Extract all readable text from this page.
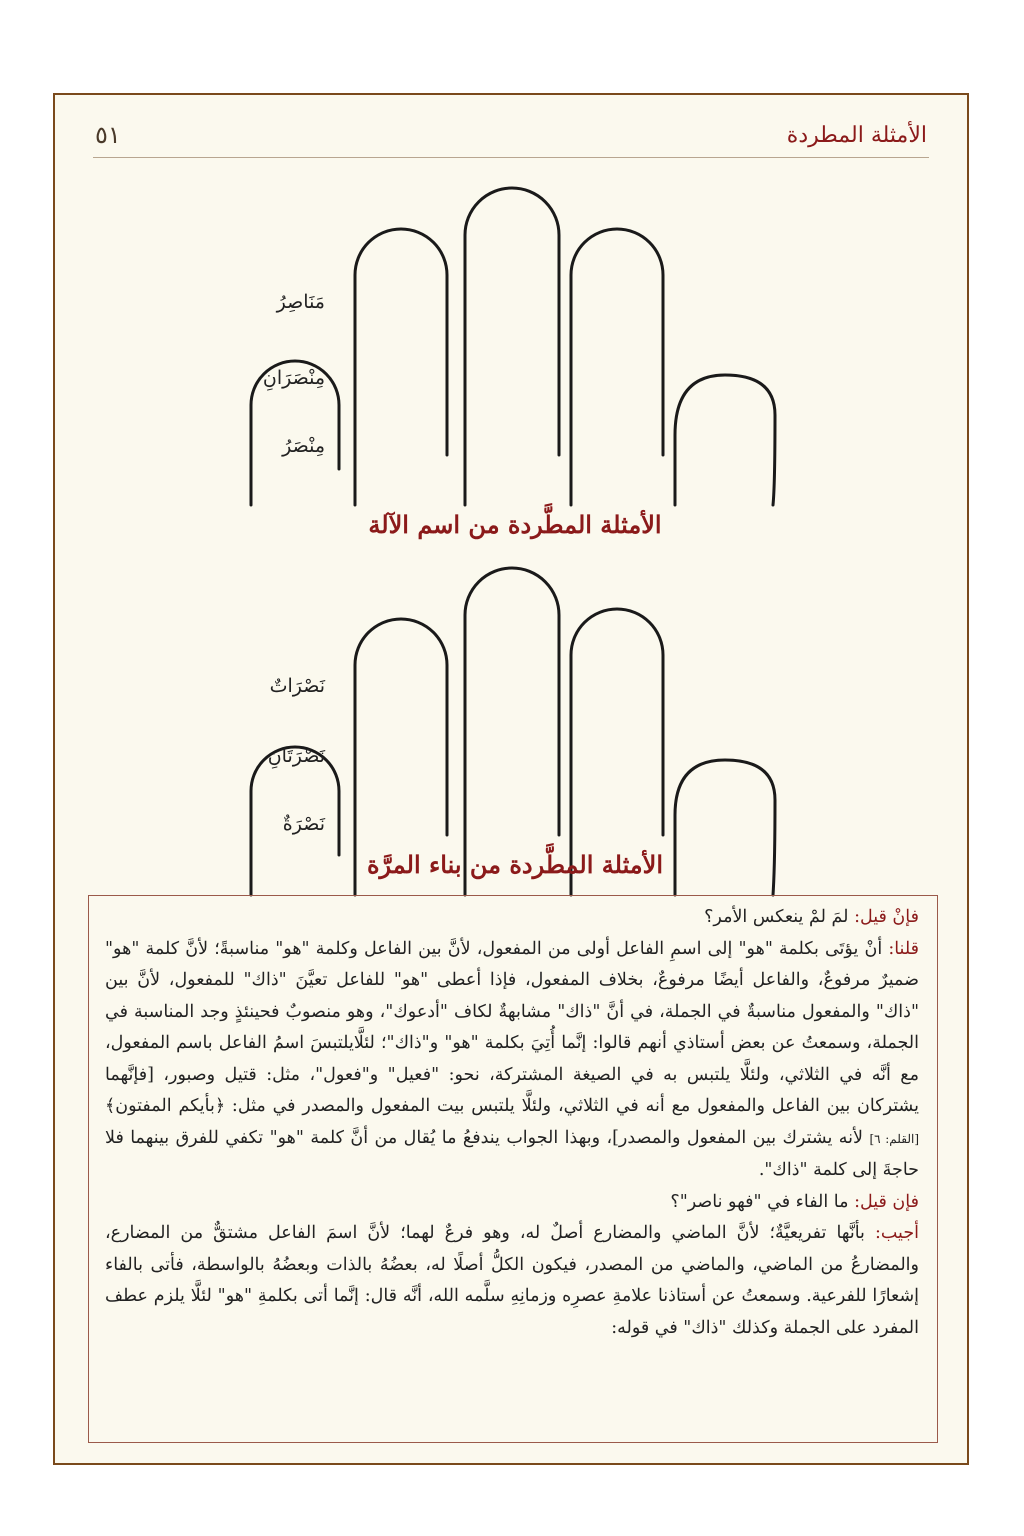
الأمثلة المطردة
٥١
مَنَاصِرُ
مِنْصَرَانِ
مِنْصَرُ
الأمثلة المطَّردة من اسم الآلة
نَصْرَاتٌ
نَصْرَتَانِ
نَصْرَةٌ
الأمثلة المطَّردة من بناء المرَّة

فإنْ قيل: لمَ لمْ ينعكس الأمر؟

قلنا: أنْ يؤتَى بكلمة "هو" إلى اسمِ الفاعل أولى من المفعول، لأنَّ بين الفاعل وكلمة "هو" مناسبةً؛ لأنَّ كلمة "هو" ضميرٌ مرفوعٌ، والفاعل أيضًا مرفوعٌ، بخلاف المفعول، فإذا أعطى "هو" للفاعل تعيَّنَ "ذاك" للمفعول، لأنَّ بين "ذاك" والمفعول مناسبةٌ في الجملة، في أنَّ "ذاك" مشابهةٌ لكاف "أدعوك"، وهو منصوبٌ فحينئذٍ وجد المناسبة في الجملة، وسمعتُ عن بعض أستاذي أنهم قالوا: إنَّما أُتِيَ بكلمة "هو" و"ذاك"؛ لئلَّايلتبسَ اسمُ الفاعل باسم المفعول، مع أنَّه في الثلاثي، ولئلَّا يلتبس به في الصيغة المشتركة، نحو: "فعيل" و"فعول"، مثل: قتيل وصبور، [فإنَّهما يشتركان بين الفاعل والمفعول مع أنه في الثلاثي، ولئلَّا يلتبس بيت المفعول والمصدر في مثل: ﴿بأيكم المفتون﴾ [القلم: ٦] لأنه يشترك بين المفعول والمصدر]، وبهذا الجواب يندفعُ ما يُقال من أنَّ كلمة "هو" تكفي للفرق بينهما فلا حاجةَ إلى كلمة "ذاك".

فإن قيل: ما الفاء في "فهو ناصر"؟

أجيب: بأنَّها تفريعيَّةٌ؛ لأنَّ الماضي والمضارع أصلٌ له، وهو فرعٌ لهما؛ لأنَّ اسمَ الفاعل مشتقٌّ من المضارع، والمضارعُ من الماضي، والماضي من المصدر، فيكون الكلُّ أصلًا له، بعضُهُ بالذات وبعضُهُ بالواسطة، فأتى بالفاء إشعارًا للفرعية. وسمعتُ عن أستاذنا علامةِ عصرِه وزمانِهِ سلَّمه الله، أنَّه قال: إنَّما أتى بكلمةِ "هو" لئلَّا يلزم عطف المفرد على الجملة وكذلك "ذاك" في قوله:
